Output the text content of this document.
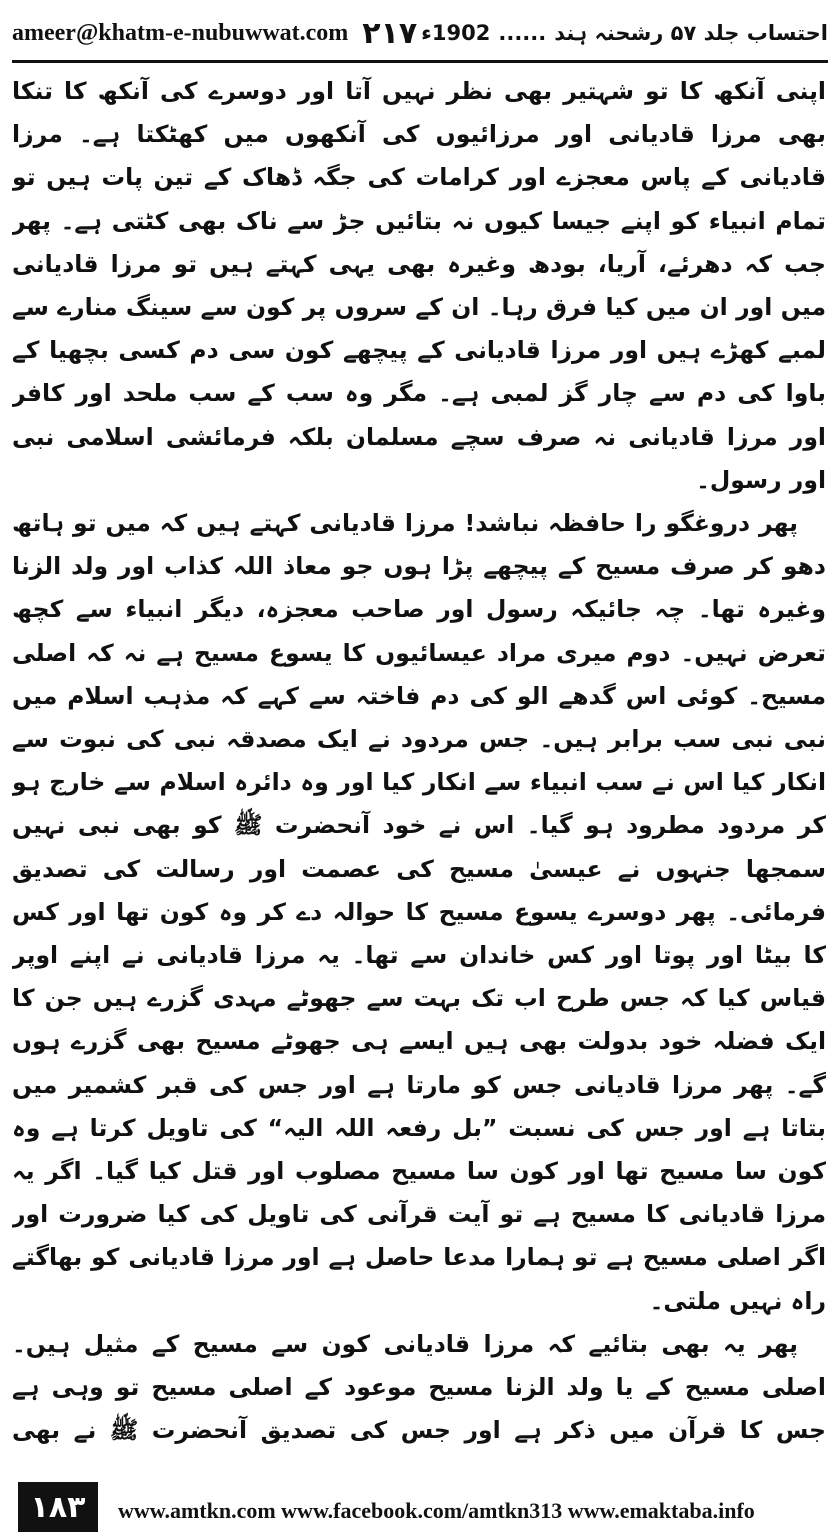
ameer@khatm-e-nubuwwat.com ۲۱۷	احتساب جلد ۵۷ رشحنہ ہند
......
1902ء

اپنی آنکھ کا تو شہتیر بھی نظر نہیں آتا اور دوسرے کی آنکھ کا تنکا بھی مرزا قادیانی اور مرزائیوں کی آنکھوں میں کھٹکتا ہے۔ مرزا قادیانی کے پاس معجزے اور کرامات کی جگہ ڈھاک کے تین پات ہیں تو تمام انبیاء کو اپنے جیسا کیوں نہ بتائیں جڑ سے ناک بھی کٹتی ہے۔ پھر جب کہ دھرئے، آریا، بودھ وغیرہ بھی یہی کہتے ہیں تو مرزا قادیانی میں اور ان میں کیا فرق رہا۔ ان کے سروں پر کون سے سینگ منارے سے لمبے کھڑے ہیں اور مرزا قادیانی کے پیچھے کون سی دم کسی بچھیا کے باوا کی دم سے چار گز لمبی ہے۔ مگر وہ سب کے سب ملحد اور کافر اور مرزا قادیانی نہ صرف سچے مسلمان بلکہ فرمائشی اسلامی نبی اور رسول۔

پھر دروغگو را حافظہ نباشد! مرزا قادیانی کہتے ہیں کہ میں تو ہاتھ دھو کر صرف مسیح کے پیچھے پڑا ہوں جو معاذ اللہ کذاب اور ولد الزنا وغیرہ تھا۔ چہ جائیکہ رسول اور صاحب معجزہ، دیگر انبیاء سے کچھ تعرض نہیں۔ دوم میری مراد عیسائیوں کا یسوع مسیح ہے نہ کہ اصلی مسیح۔ کوئی اس گدھے الو کی دم فاختہ سے کہے کہ مذہب اسلام میں نبی نبی سب برابر ہیں۔ جس مردود نے ایک مصدقہ نبی کی نبوت سے انکار کیا اس نے سب انبیاء سے انکار کیا اور وہ دائرہ اسلام سے خارج ہو کر مردود مطرود ہو گیا۔ اس نے خود آنحضرت ﷺ کو بھی نبی نہیں سمجھا جنہوں نے عیسیٰ مسیح کی عصمت اور رسالت کی تصدیق فرمائی۔ پھر دوسرے یسوع مسیح کا حوالہ دے کر وہ کون تھا اور کس کا بیٹا اور پوتا اور کس خاندان سے تھا۔ یہ مرزا قادیانی نے اپنے اوپر قیاس کیا کہ جس طرح اب تک بہت سے جھوٹے مہدی گزرے ہیں جن کا ایک فضلہ خود بدولت بھی ہیں ایسے ہی جھوٹے مسیح بھی گزرے ہوں گے۔ پھر مرزا قادیانی جس کو مارتا ہے اور جس کی قبر کشمیر میں بتاتا ہے اور جس کی نسبت ”بل رفعہ اللہ الیہ“ کی تاویل کرتا ہے وہ کون سا مسیح تھا اور کون سا مسیح مصلوب اور قتل کیا گیا۔ اگر یہ مرزا قادیانی کا مسیح ہے تو آیت قرآنی کی تاویل کی کیا ضرورت اور اگر اصلی مسیح ہے تو ہمارا مدعا حاصل ہے اور مرزا قادیانی کو بھاگتے راہ نہیں ملتی۔

پھر یہ بھی بتائیے کہ مرزا قادیانی کون سے مسیح کے مثیل ہیں۔ اصلی مسیح کے یا ولد الزنا مسیح موعود کے اصلی مسیح تو وہی ہے جس کا قرآن میں ذکر ہے اور جس کی تصدیق آنحضرت ﷺ نے بھی

۱۸۳	www.amtkn.com www.facebook.com/amtkn313 www.emaktaba.info
